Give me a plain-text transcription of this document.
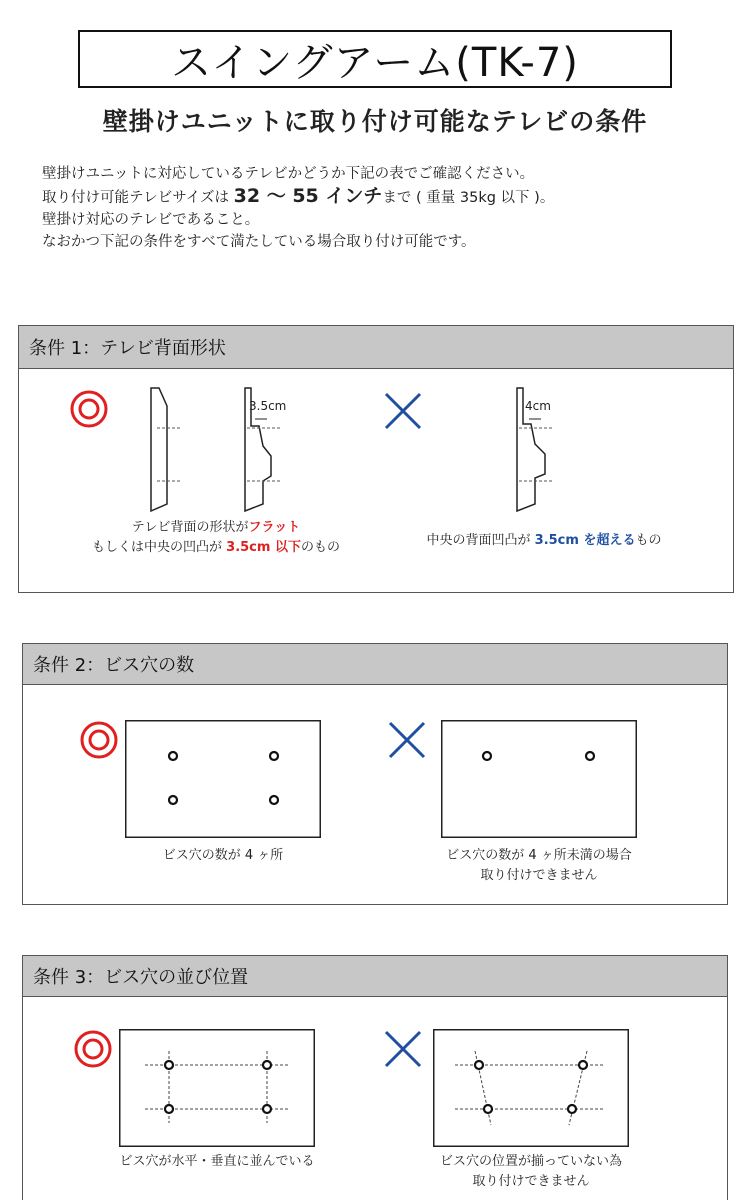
スイングアーム(TK-7)
壁掛けユニットに取り付け可能なテレビの条件
壁掛けユニットに対応しているテレビかどうか下記の表でご確認ください。
取り付け可能テレビサイズは 32 〜 55 インチまで ( 重量 35kg 以下 )。
壁掛け対応のテレビであること。
なおかつ下記の条件をすべて満たしている場合取り付け可能です。
条件 1：テレビ背面形状
3.5cm	4cm
テレビ背面の形状がフラット
もしくは中央の凹凸が 3.5cm 以下のもの	中央の背面凹凸が 3.5cm を超えるもの
条件 2：ビス穴の数
ビス穴の数が 4 ヶ所	ビス穴の数が 4 ヶ所未満の場合
取り付けできません
条件 3：ビス穴の並び位置
ビス穴が水平・垂直に並んでいる	ビス穴の位置が揃っていない為
取り付けできません
